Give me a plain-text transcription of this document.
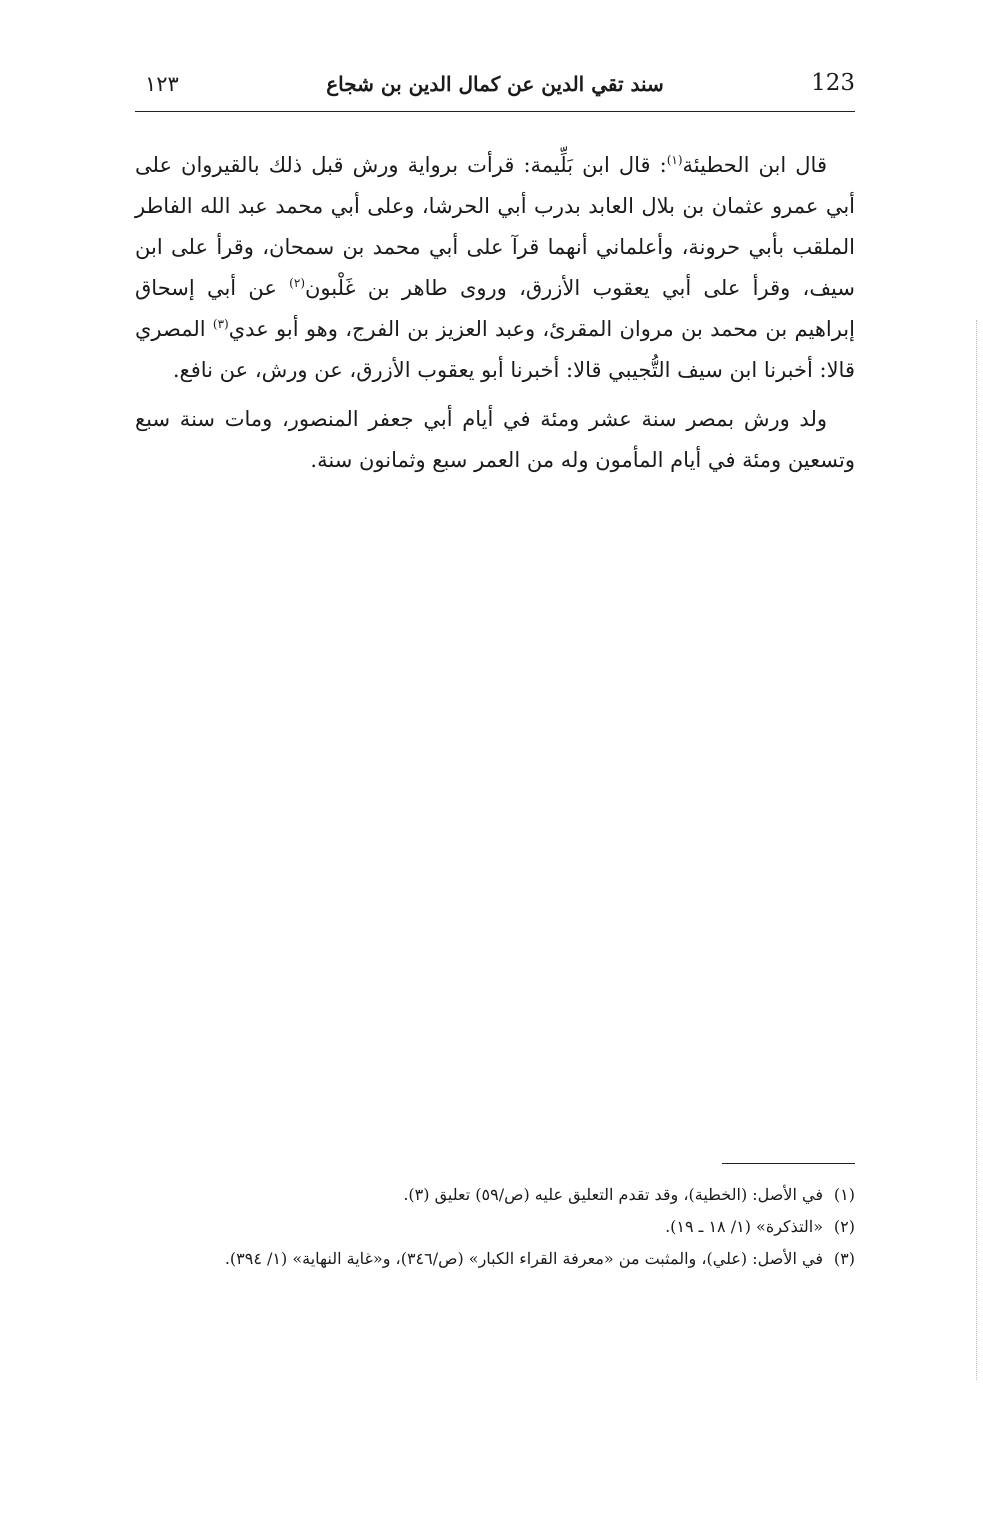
123
سند تقي الدين عن كمال الدين بن شجاع
١٢٣

قال ابن الحطيئة$^{(١)}$: قال ابن بَلِّيمة: قرأت برواية ورش قبل ذلك بالقيروان على أبي عمرو عثمان بن بلال العابد بدرب أبي الحرشا، وعلى أبي محمد عبد الله الفاطر الملقب بأبي حرونة، وأعلماني أنهما قرآ على أبي محمد بن سمحان، وقرأ على ابن سيف، وقرأ على أبي يعقوب الأزرق، وروى طاهر بن غَلْبون$^{(٢)}$ عن أبي إسحاق إبراهيم بن محمد بن مروان المقرئ، وعبد العزيز بن الفرج، وهو أبو عدي$^{(٣)}$ المصري قالا: أخبرنا ابن سيف التُّجيبي قالا: أخبرنا أبو يعقوب الأزرق، عن ورش، عن نافع.

ولد ورش بمصر سنة عشر ومئة في أيام أبي جعفر المنصور، ومات سنة سبع وتسعين ومئة في أيام المأمون وله من العمر سبع وثمانون سنة.

(١)
في الأصل: (الخطية)، وقد تقدم التعليق عليه (ص/٥٩) تعليق (٣).
(٢)
«التذكرة» (١/ ١٨ ـ ١٩).
(٣)
في الأصل: (علي)، والمثبت من «معرفة القراء الكبار» (ص/٣٤٦)، و«غاية النهاية» (١/ ٣٩٤).
